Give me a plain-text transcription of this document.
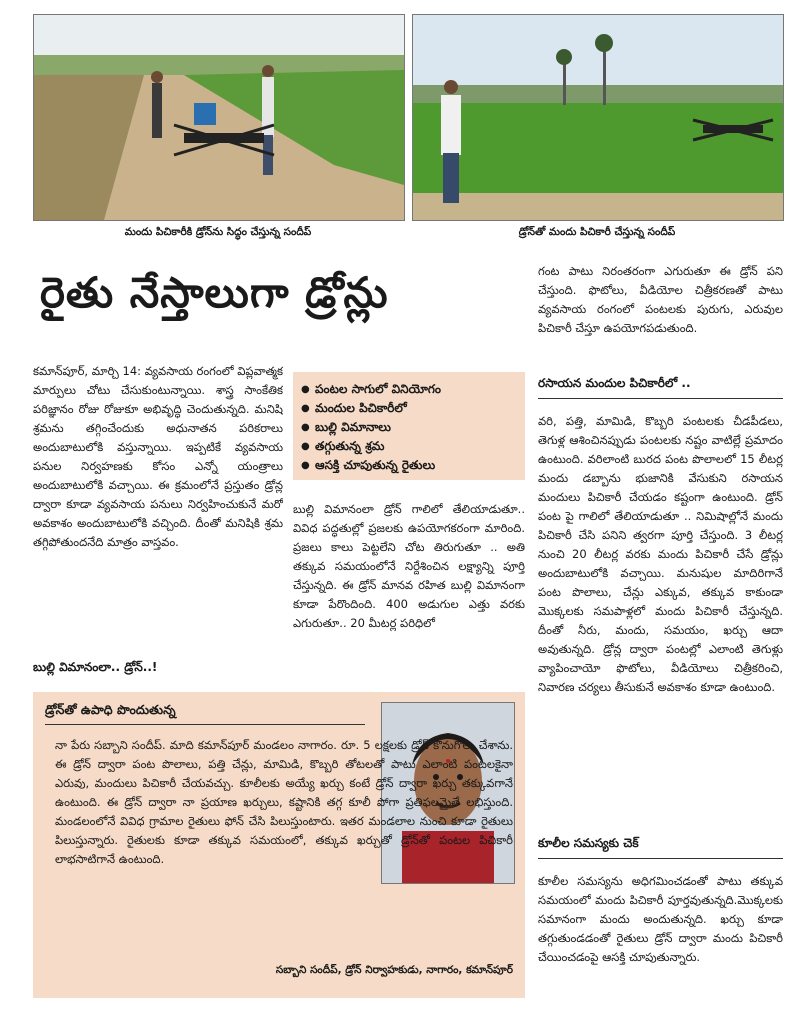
మందు పిచికారీకి డ్రోన్‌ను సిద్ధం చేస్తున్న సందీప్	డ్రోన్‌తో మందు పిచికారీ చేస్తున్న సందీప్
రైతు నేస్తాలుగా డ్రోన్లు
కమాన్‌పూర్, మార్చి 14: వ్యవసాయ రంగంలో విప్లవాత్మక మార్పులు చోటు చేసుకుంటున్నాయి. శాస్త్ర సాంకేతిక పరిజ్ఞానం రోజు రోజుకూ అభివృద్ధి చెందుతున్నది. మనిషి శ్రమను తగ్గించేందుకు అధునాతన పరికరాలు అందుబాటులోకి వస్తున్నాయి. ఇప్పటికే వ్యవసాయ పనుల నిర్వహణకు కోసం ఎన్నో యంత్రాలు అందుబాటులోకి వచ్చాయి. ఈ క్రమంలోనే ప్రస్తుతం డ్రోన్ల ద్వారా కూడా వ్యవసాయ పనులు నిర్వహించుకునే మరో అవకాశం అందుబాటులోకి వచ్చింది. దీంతో మనిషికి శ్రమ తగ్గిపోతుందనేది మాత్రం వాస్తవం.
బుల్లి విమానంలా.. డ్రోన్..!
● పంటల సాగులో వినియోగం
● మందుల పిచికారీలో
● బుల్లి విమానాలు
● తగ్గుతున్న శ్రమ
● ఆసక్తి చూపుతున్న రైతులు
బుల్లి విమానంలా డ్రోన్ గాలిలో తేలియాడుతూ.. వివిధ పద్ధతుల్లో ప్రజలకు ఉపయోగకరంగా మారింది. ప్రజలు కాలు పెట్టలేని చోట తిరుగుతూ .. అతి తక్కువ సమయంలోనే నిర్దేశించిన లక్ష్యాన్ని పూర్తి చేస్తున్నది. ఈ డ్రోన్ మానవ రహిత బుల్లి విమానంగా కూడా పేరొందింది. 400 అడుగుల ఎత్తు వరకు ఎగురుతూ.. 20 మీటర్ల పరిధిలో
గంట పాటు నిరంతరంగా ఎగురుతూ ఈ డ్రోన్ పని చేస్తుంది. ఫొటోలు, వీడియోల చిత్రీకరణతో పాటు వ్యవసాయ రంగంలో పంటలకు పురుగు, ఎరువుల పిచికారీ చేస్తూ ఉపయోగపడుతుంది.
రసాయన మందుల పిచికారీలో ..
వరి, పత్తి, మామిడి, కొబ్బరి పంటలకు చీడపీడలు, తెగుళ్ల ఆశించినప్పుడు పంటలకు నష్టం వాటిల్లే ప్రమాదం ఉంటుంది. వరిలాంటి బురద పంట పొలాలలో 15 లీటర్ల మందు డబ్బాను భుజానికి వేసుకుని రసాయన మందులు పిచికారీ చేయడం కష్టంగా ఉంటుంది. డ్రోన్ పంట పై గాలిలో తేలియాడుతూ .. నిమిషాల్లోనే మందు పిచికారీ చేసి పనిని త్వరగా పూర్తి చేస్తుంది. 3 లీటర్ల నుంచి 20 లీటర్ల వరకు మందు పిచికారీ చేసే డ్రోన్లు అందుబాటులోకి వచ్చాయి. మనుషుల మాదిరిగానే పంట పొలాలు, చేన్లు ఎక్కువ, తక్కువ కాకుండా మొక్కలకు సమపాళ్లలో మందు పిచికారీ చేస్తున్నది. దీంతో నీరు, మందు, సమయం, ఖర్చు ఆదా అవుతున్నది. డ్రోన్ల ద్వారా పంటల్లో ఎలాంటి తెగుళ్లు వ్యాపించాయో ఫొటోలు, వీడియోలు చిత్రీకరించి, నివారణ చర్యలు తీసుకునే అవకాశం కూడా ఉంటుంది.
కూలీల సమస్యకు చెక్
కూలీల సమస్యను అధిగమించడంతో పాటు తక్కువ సమయంలో మందు పిచికారీ పూర్తవుతున్నది.మొక్కలకు సమానంగా మందు అందుతున్నది. ఖర్చు కూడా తగ్గుతుండడంతో రైతులు డ్రోన్ ద్వారా మందు పిచికారీ చేయించడంపై ఆసక్తి చూపుతున్నారు.
డ్రోన్‌తో ఉపాధి పొందుతున్న
నా పేరు సబ్బాని సందీప్. మాది కమాన్‌పూర్ మండలం నాగారం. రూ. 5 లక్షలకు డ్రోన్ కొనుగోలు చేశాను. ఈ డ్రోన్ ద్వారా పంట పొలాలు, పత్తి చేన్లు, మామిడి, కొబ్బరి తోటలతో పాటు ఎలాంటి పంటలకైనా ఎరువు, మందులు పిచికారీ చేయవచ్చు. కూలీలకు అయ్యే ఖర్చు కంటే డ్రోన్ ద్వారా ఖర్చు తక్కువగానే ఉంటుంది. ఈ డ్రోన్ ద్వారా నా ప్రయాణ ఖర్చులు, కష్టానికి తగ్గ కూలీ పోగా ప్రతిఫలమైతే లభిస్తుంది. మండలంలోనే వివిధ గ్రామాల రైతులు ఫోన్ చేసి పిలుస్తుంటారు. ఇతర మండలాల నుంచి కూడా రైతులు పిలుస్తున్నారు. రైతులకు కూడా తక్కువ సమయంలో, తక్కువ ఖర్చుతో డ్రోన్‌తో పంటల పిచికారీ లాభసాటిగానే ఉంటుంది.
సబ్బాని సందీప్, డ్రోన్ నిర్వాహకుడు, నాగారం, కమాన్‌పూర్
